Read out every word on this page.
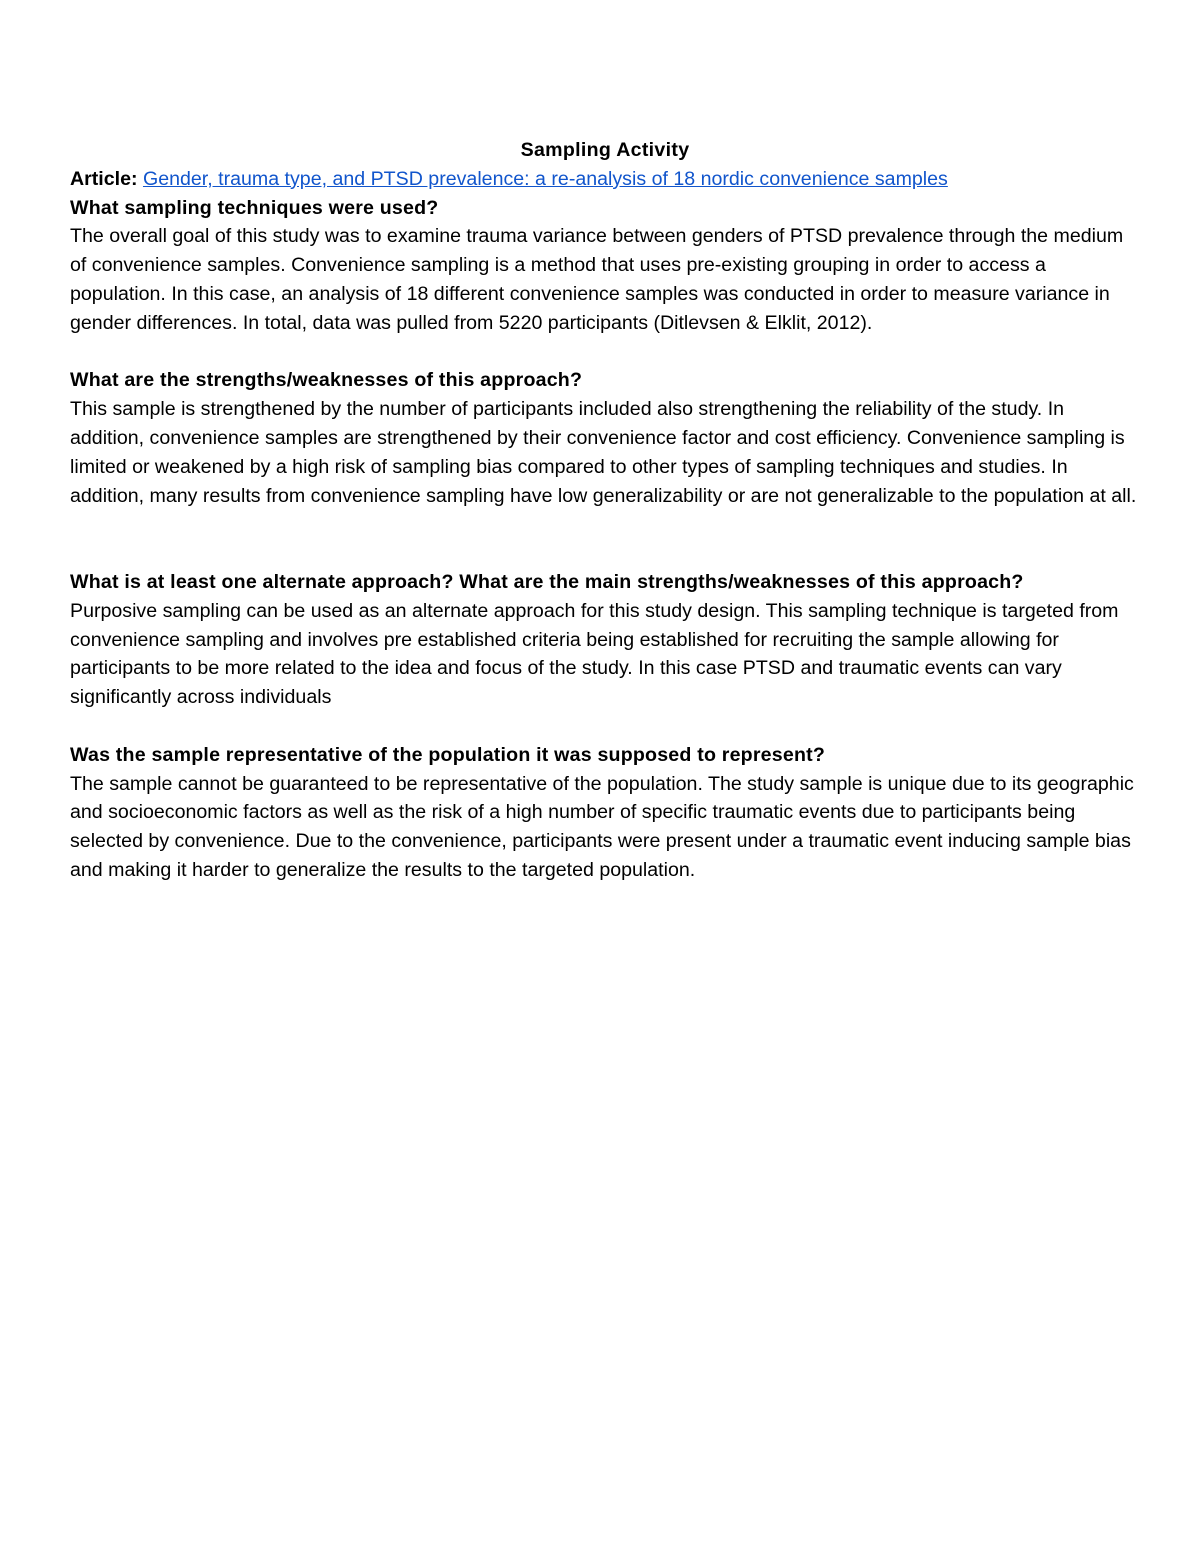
Sampling Activity

Article: Gender, trauma type, and PTSD prevalence: a re-analysis of 18 nordic convenience samples

What sampling techniques were used?

The overall goal of this study was to examine trauma variance between genders of PTSD prevalence through the medium of convenience samples. Convenience sampling is a method that uses pre-existing grouping in order to access a population. In this case, an analysis of 18 different convenience samples was conducted in order to measure variance in gender differences. In total, data was pulled from 5220 participants (Ditlevsen & Elklit, 2012).

What are the strengths/weaknesses of this approach?

This sample is strengthened by the number of participants included also strengthening the reliability of the study. In addition, convenience samples are strengthened by their convenience factor and cost efficiency. Convenience sampling is limited or weakened by a high risk of sampling bias compared to other types of sampling techniques and studies. In addition, many results from convenience sampling have low generalizability or are not generalizable to the population at all.

What is at least one alternate approach? What are the main strengths/weaknesses of this approach?

Purposive sampling can be used as an alternate approach for this study design. This sampling technique is targeted from convenience sampling and involves pre established criteria being established for recruiting the sample allowing for participants to be more related to the idea and focus of the study. In this case PTSD and traumatic events can vary significantly across individuals

Was the sample representative of the population it was supposed to represent?

The sample cannot be guaranteed to be representative of the population. The study sample is unique due to its geographic and socioeconomic factors as well as the risk of a high number of specific traumatic events due to participants being selected by convenience. Due to the convenience, participants were present under a traumatic event inducing sample bias and making it harder to generalize the results to the targeted population.
